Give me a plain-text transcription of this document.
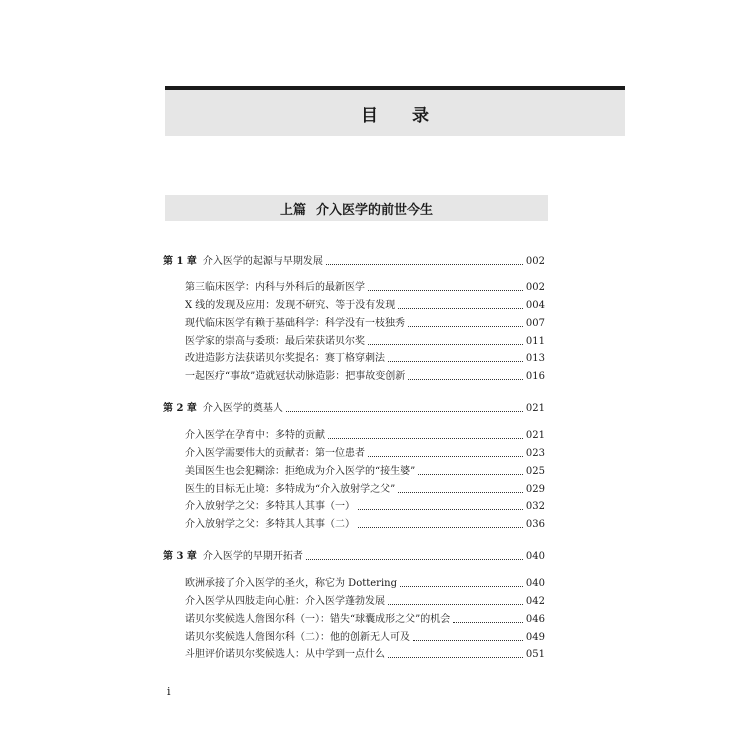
目 录
上篇 介入医学的前世今生
第 1 章 介入医学的起源与早期发展	002
第三临床医学：内科与外科后的最新医学	002
X 线的发现及应用：发现不研究、等于没有发现	004
现代临床医学有赖于基础科学：科学没有一枝独秀	007
医学家的崇高与委琐：最后荣获诺贝尔奖	011
改进造影方法获诺贝尔奖提名：赛丁格穿刺法	013
一起医疗“事故”造就冠状动脉造影：把事故变创新	016
第 2 章 介入医学的奠基人	021
介入医学在孕育中：多特的贡献	021
介入医学需要伟大的贡献者：第一位患者	023
美国医生也会犯糊涂：拒绝成为介入医学的“接生婆”	025
医生的目标无止境：多特成为“介入放射学之父”	029
介入放射学之父：多特其人其事（一）	032
介入放射学之父：多特其人其事（二）	036
第 3 章 介入医学的早期开拓者	040
欧洲承接了介入医学的圣火，称它为 Dottering	040
介入医学从四肢走向心脏：介入医学蓬勃发展	042
诺贝尔奖候选人詹图尔科（一）：错失“球囊成形之父”的机会	046
诺贝尔奖候选人詹图尔科（二）：他的创新无人可及	049
斗胆评价诺贝尔奖候选人：从中学到一点什么	051
i
